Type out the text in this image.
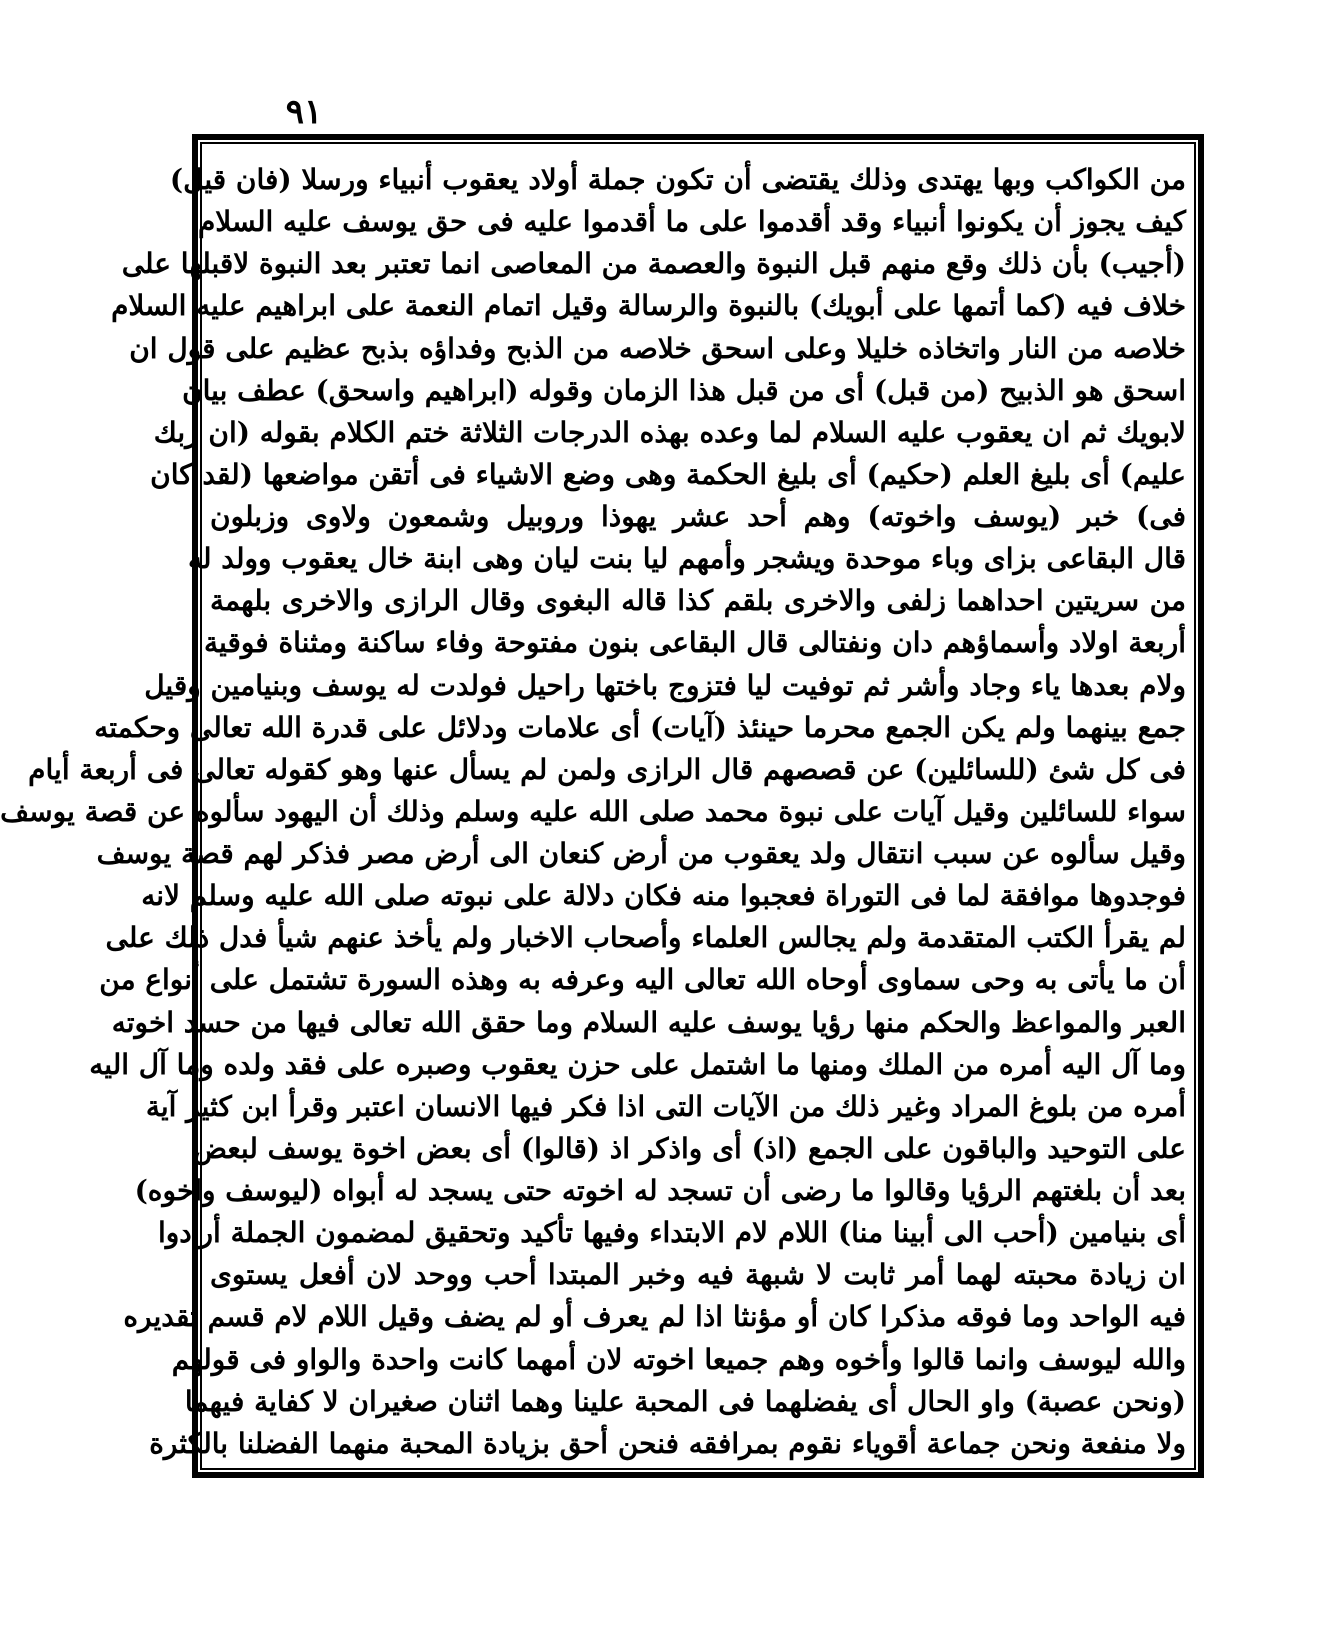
٩١
من الكواكب وبها يهتدى وذلك يقتضى أن تكون جملة أولاد يعقوب أنبياء ورسلا (فان قيل)
كيف يجوز أن يكونوا أنبياء وقد أقدموا على ما أقدموا عليه فى حق يوسف عليه السلام
(أجيب) بأن ذلك وقع منهم قبل النبوة والعصمة من المعاصى انما تعتبر بعد النبوة لاقبلها على
خلاف فيه (كما أتمها على أبويك) بالنبوة والرسالة وقيل اتمام النعمة على ابراهيم عليه السلام
خلاصه من النار واتخاذه خليلا وعلى اسحق خلاصه من الذبح وفداؤه بذبح عظيم على قول ان
اسحق هو الذبيح (من قبل) أى من قبل هذا الزمان وقوله (ابراهيم واسحق) عطف بيان
لابويك ثم ان يعقوب عليه السلام لما وعده بهذه الدرجات الثلاثة ختم الكلام بقوله (ان ربك
عليم) أى بليغ العلم (حكيم) أى بليغ الحكمة وهى وضع الاشياء فى أتقن مواضعها (لقد كان
فى) خبر (يوسف واخوته) وهم أحد عشر يهوذا وروبيل وشمعون ولاوى وزبلون
قال البقاعى بزاى وباء موحدة ويشجر وأمهم ليا بنت ليان وهى ابنة خال يعقوب وولد له
من سريتين احداهما زلفى والاخرى بلقم كذا قاله البغوى وقال الرازى والاخرى بلهمة
أربعة اولاد وأسماؤهم دان ونفتالى قال البقاعى بنون مفتوحة وفاء ساكنة ومثناة فوقية
ولام بعدها ياء وجاد وأشر ثم توفيت ليا فتزوج باختها راحيل فولدت له يوسف وبنيامين وقيل
جمع بينهما ولم يكن الجمع محرما حينئذ (آيات) أى علامات ودلائل على قدرة الله تعالى وحكمته
فى كل شئ (للسائلين) عن قصصهم قال الرازى ولمن لم يسأل عنها وهو كقوله تعالى فى أربعة أيام
سواء للسائلين وقيل آيات على نبوة محمد صلى الله عليه وسلم وذلك أن اليهود سألوه عن قصة يوسف
وقيل سألوه عن سبب انتقال ولد يعقوب من أرض كنعان الى أرض مصر فذكر لهم قصة يوسف
فوجدوها موافقة لما فى التوراة فعجبوا منه فكان دلالة على نبوته صلى الله عليه وسلم لانه
لم يقرأ الكتب المتقدمة ولم يجالس العلماء وأصحاب الاخبار ولم يأخذ عنهم شيأ فدل ذلك على
أن ما يأتى به وحى سماوى أوحاه الله تعالى اليه وعرفه به وهذه السورة تشتمل على أنواع من
العبر والمواعظ والحكم منها رؤيا يوسف عليه السلام وما حقق الله تعالى فيها من حسد اخوته
وما آل اليه أمره من الملك ومنها ما اشتمل على حزن يعقوب وصبره على فقد ولده وما آل اليه
أمره من بلوغ المراد وغير ذلك من الآيات التى اذا فكر فيها الانسان اعتبر وقرأ ابن كثير آية
على التوحيد والباقون على الجمع (اذ) أى واذكر اذ (قالوا) أى بعض اخوة يوسف لبعض
بعد أن بلغتهم الرؤيا وقالوا ما رضى أن تسجد له اخوته حتى يسجد له أبواه (ليوسف واخوه)
أى بنيامين (أحب الى أبينا منا) اللام لام الابتداء وفيها تأكيد وتحقيق لمضمون الجملة أرادوا
ان زيادة محبته لهما أمر ثابت لا شبهة فيه وخبر المبتدا أحب ووحد لان أفعل يستوى
فيه الواحد وما فوقه مذكرا كان أو مؤنثا اذا لم يعرف أو لم يضف وقيل اللام لام قسم تقديره
والله ليوسف وانما قالوا وأخوه وهم جميعا اخوته لان أمهما كانت واحدة والواو فى قولهم
(ونحن عصبة) واو الحال أى يفضلهما فى المحبة علينا وهما اثنان صغيران لا كفاية فيهما
ولا منفعة ونحن جماعة أقوياء نقوم بمرافقه فنحن أحق بزيادة المحبة منهما الفضلنا بالكثرة
